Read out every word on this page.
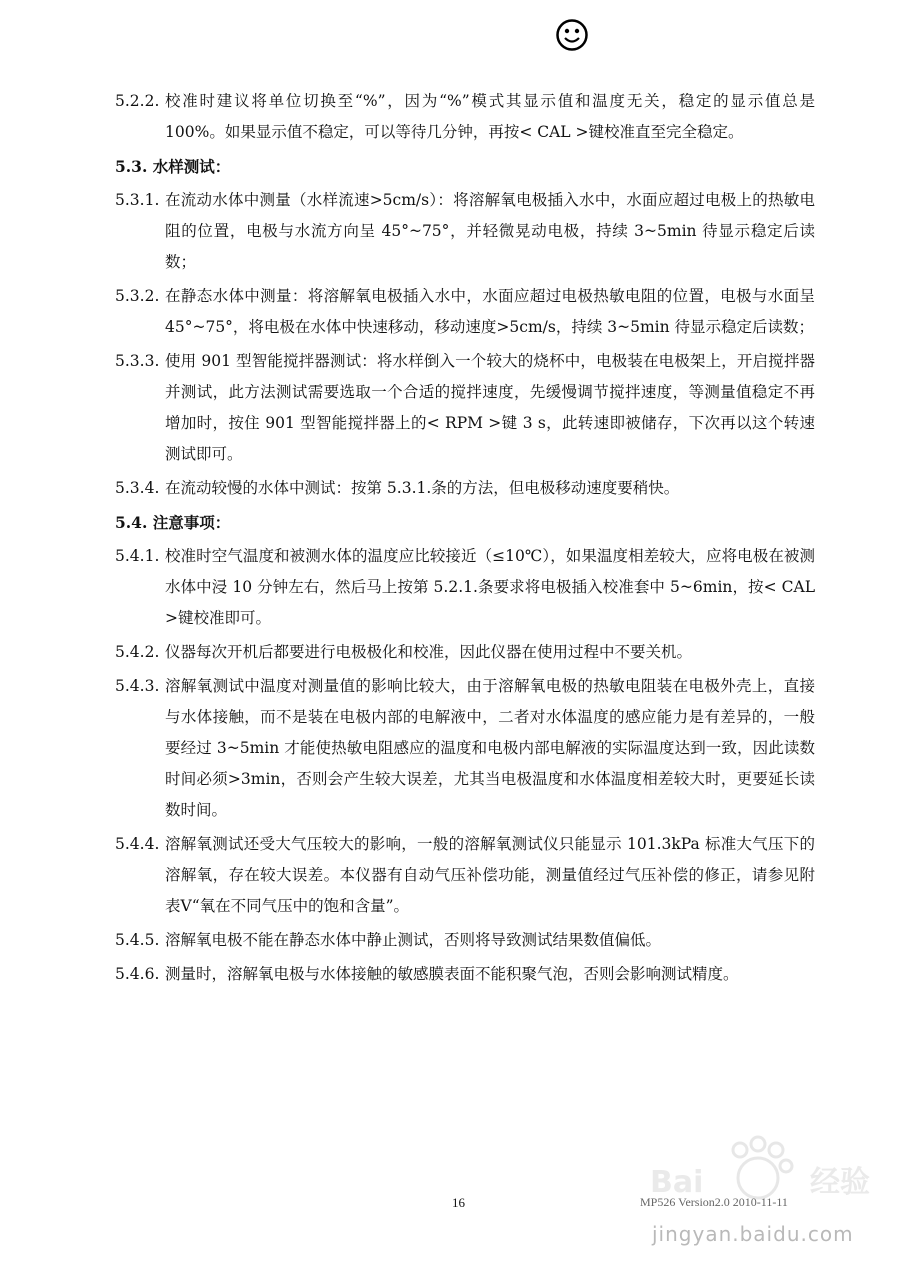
5.2.2. 校准时建议将单位切换至“%”，因为“%”模式其显示值和温度无关，稳定的显示值总是 100%。如果显示值不稳定，可以等待几分钟，再按< CAL >键校准直至完全稳定。
5.3. 水样测试：
5.3.1. 在流动水体中测量（水样流速>5cm/s）：将溶解氧电极插入水中，水面应超过电极上的热敏电阻的位置，电极与水流方向呈 45°~75°，并轻微晃动电极，持续 3~5min 待显示稳定后读数；
5.3.2. 在静态水体中测量：将溶解氧电极插入水中，水面应超过电极热敏电阻的位置，电极与水面呈 45°~75°，将电极在水体中快速移动，移动速度>5cm/s，持续 3~5min 待显示稳定后读数；
5.3.3. 使用 901 型智能搅拌器测试：将水样倒入一个较大的烧杯中，电极装在电极架上，开启搅拌器并测试，此方法测试需要选取一个合适的搅拌速度，先缓慢调节搅拌速度，等测量值稳定不再增加时，按住 901 型智能搅拌器上的< RPM >键 3 s，此转速即被储存，下次再以这个转速测试即可。
5.3.4. 在流动较慢的水体中测试：按第 5.3.1.条的方法，但电极移动速度要稍快。
5.4. 注意事项：
5.4.1. 校准时空气温度和被测水体的温度应比较接近（≤10℃），如果温度相差较大，应将电极在被测水体中浸 10 分钟左右，然后马上按第 5.2.1.条要求将电极插入校准套中 5~6min，按< CAL >键校准即可。
5.4.2. 仪器每次开机后都要进行电极极化和校准，因此仪器在使用过程中不要关机。
5.4.3. 溶解氧测试中温度对测量值的影响比较大，由于溶解氧电极的热敏电阻装在电极外壳上，直接与水体接触，而不是装在电极内部的电解液中，二者对水体温度的感应能力是有差异的，一般要经过 3~5min 才能使热敏电阻感应的温度和电极内部电解液的实际温度达到一致，因此读数时间必须>3min，否则会产生较大误差，尤其当电极温度和水体温度相差较大时，更要延长读数时间。
5.4.4. 溶解氧测试还受大气压较大的影响，一般的溶解氧测试仪只能显示 101.3kPa 标准大气压下的溶解氧，存在较大误差。本仪器有自动气压补偿功能，测量值经过气压补偿的修正，请参见附表Ⅴ“氧在不同气压中的饱和含量”。
5.4.5. 溶解氧电极不能在静态水体中静止测试，否则将导致测试结果数值偏低。
5.4.6. 测量时，溶解氧电极与水体接触的敏感膜表面不能积聚气泡，否则会影响测试精度。
Bai	经验
jingyan.baidu.com
16	MP526 Version2.0 2010-11-11
